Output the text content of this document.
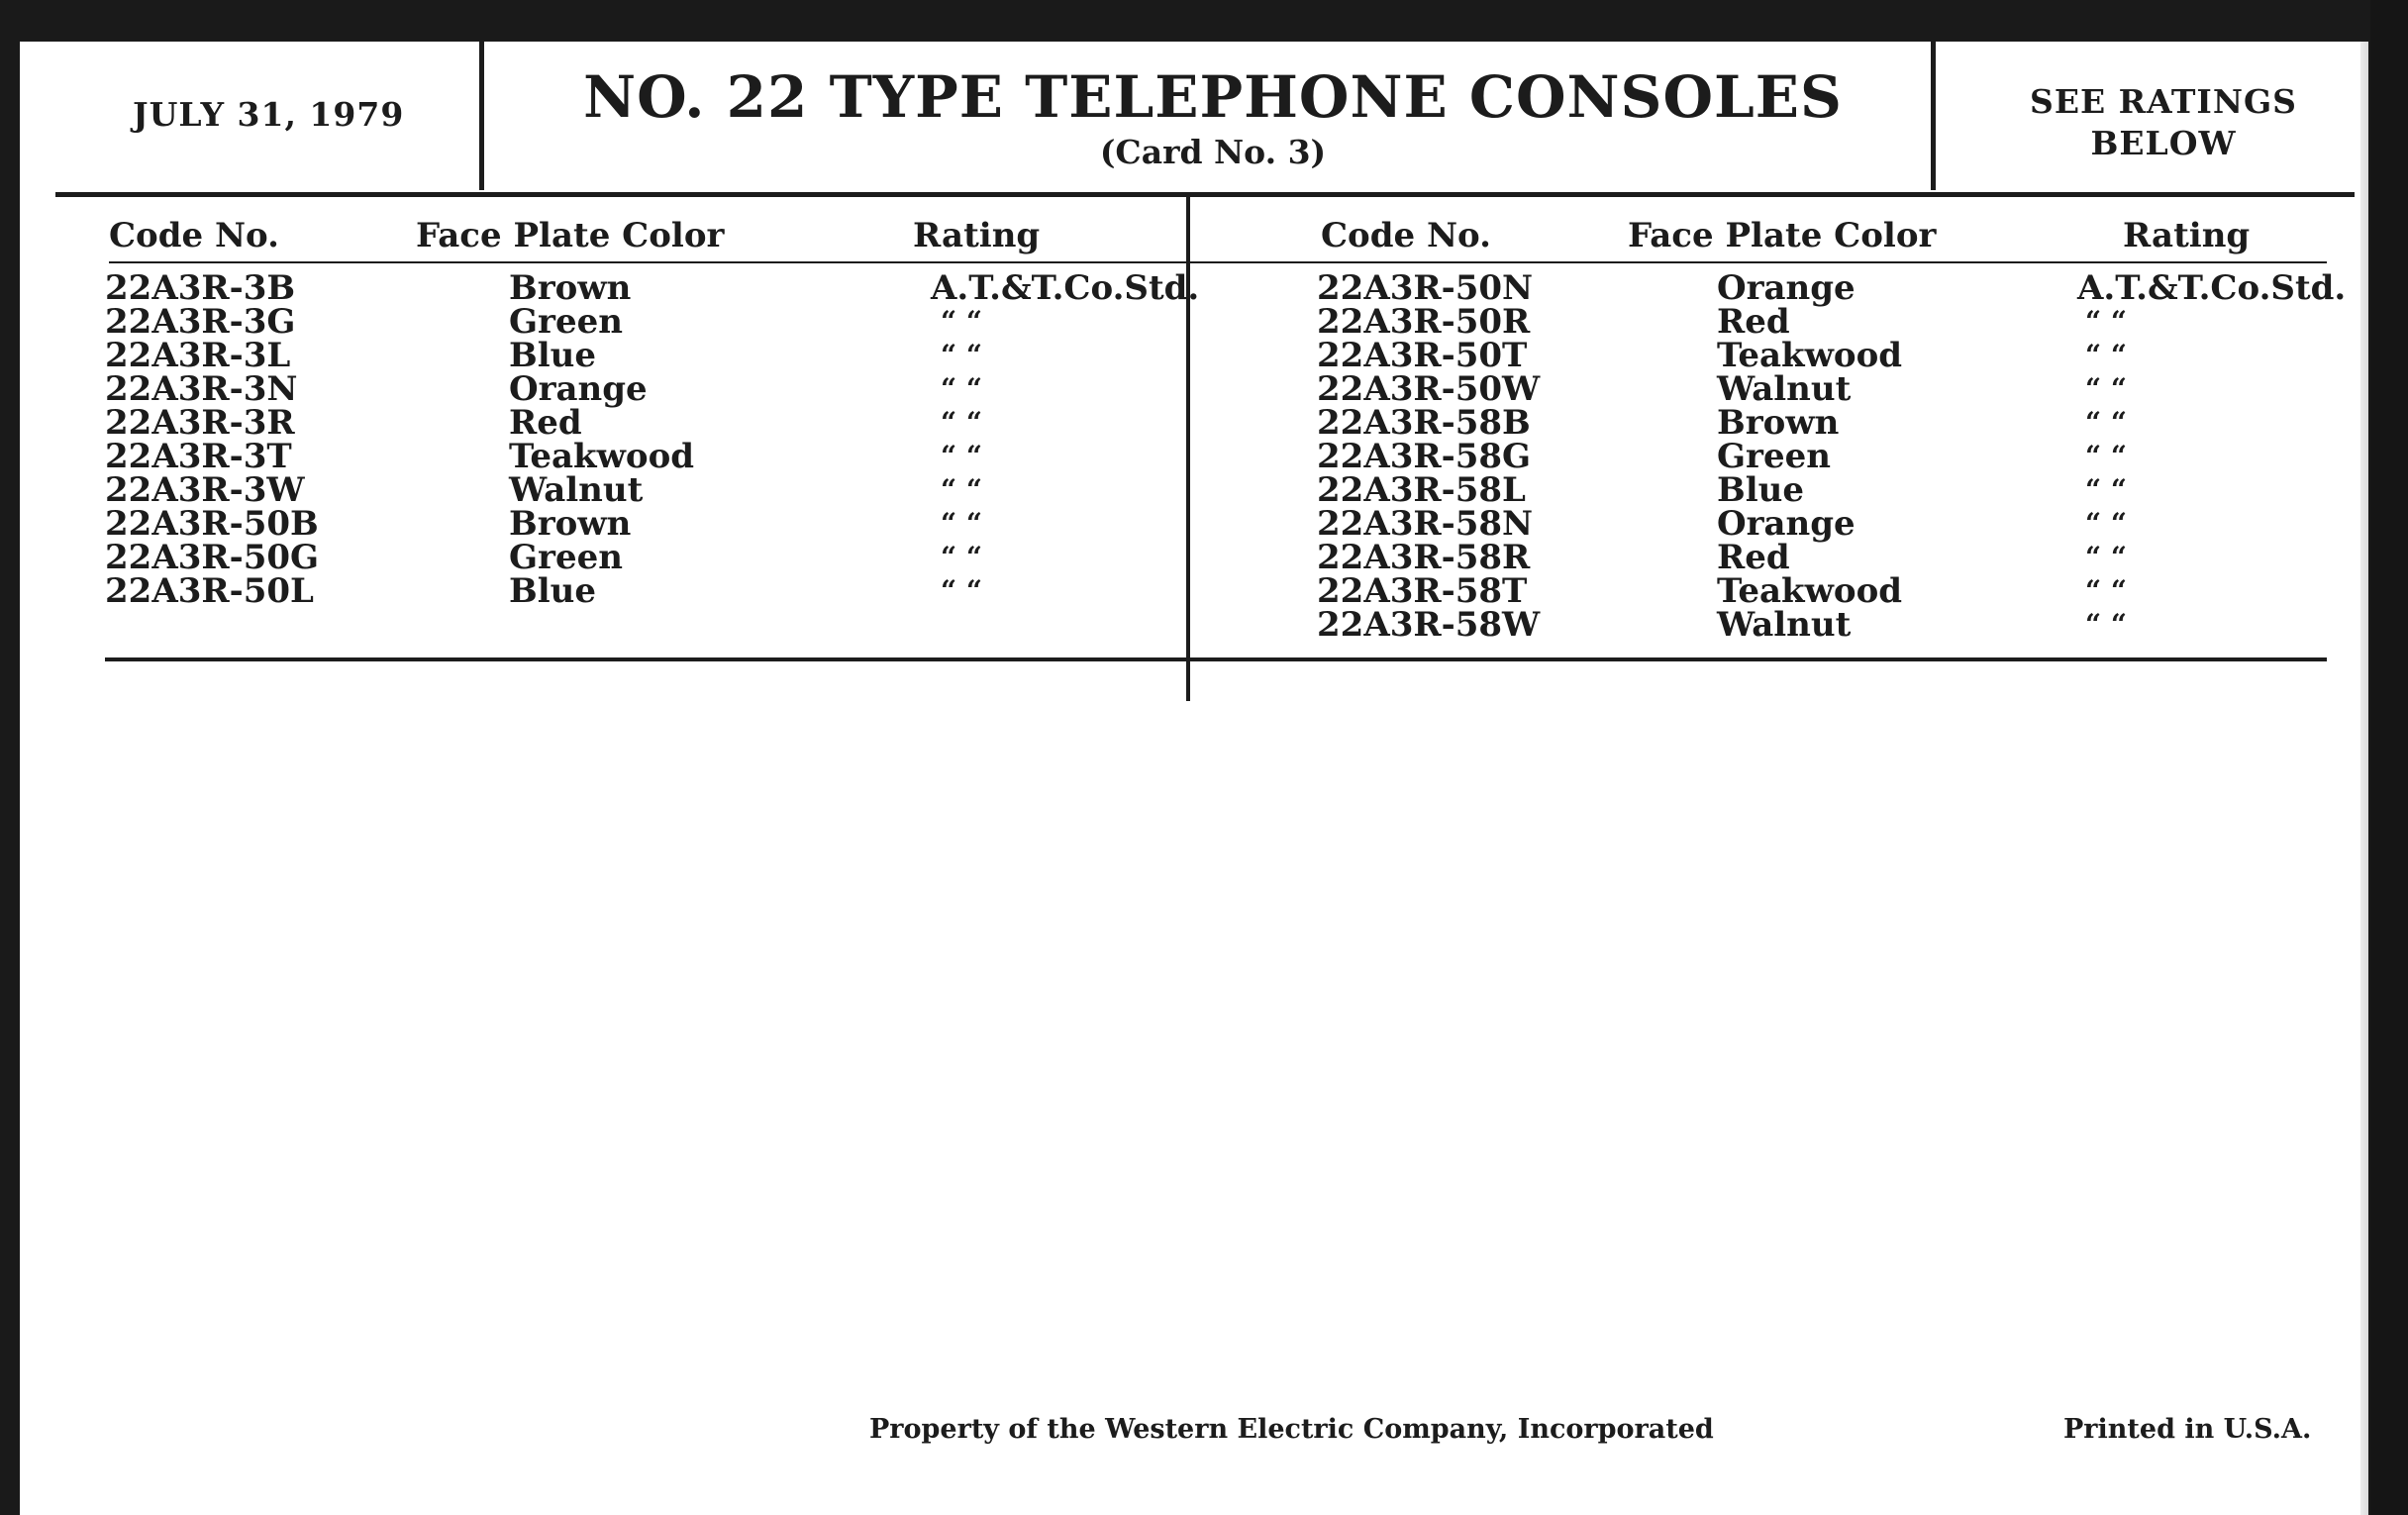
JULY 31, 1979	NO. 22 TYPE TELEPHONE CONSOLES
(Card No. 3)
SEE RATINGS
BELOW
Code No.	Face Plate Color	Rating	Code No.	Face Plate Color	Rating
22A3R-3B	Brown	A.T.&T.Co.Std.
22A3R-3G	Green	“ “
22A3R-3L	Blue	“ “
22A3R-3N	Orange	“ “
22A3R-3R	Red	“ “
22A3R-3T	Teakwood	“ “
22A3R-3W	Walnut	“ “
22A3R-50B	Brown	“ “
22A3R-50G	Green	“ “
22A3R-50L	Blue	“ “
22A3R-50N	Orange	A.T.&T.Co.Std.
22A3R-50R	Red	“ “
22A3R-50T	Teakwood	“ “
22A3R-50W	Walnut	“ “
22A3R-58B	Brown	“ “
22A3R-58G	Green	“ “
22A3R-58L	Blue	“ “
22A3R-58N	Orange	“ “
22A3R-58R	Red	“ “
22A3R-58T	Teakwood	“ “
22A3R-58W	Walnut	“ “
Property of the Western Electric Company, Incorporated	Printed in U.S.A.
